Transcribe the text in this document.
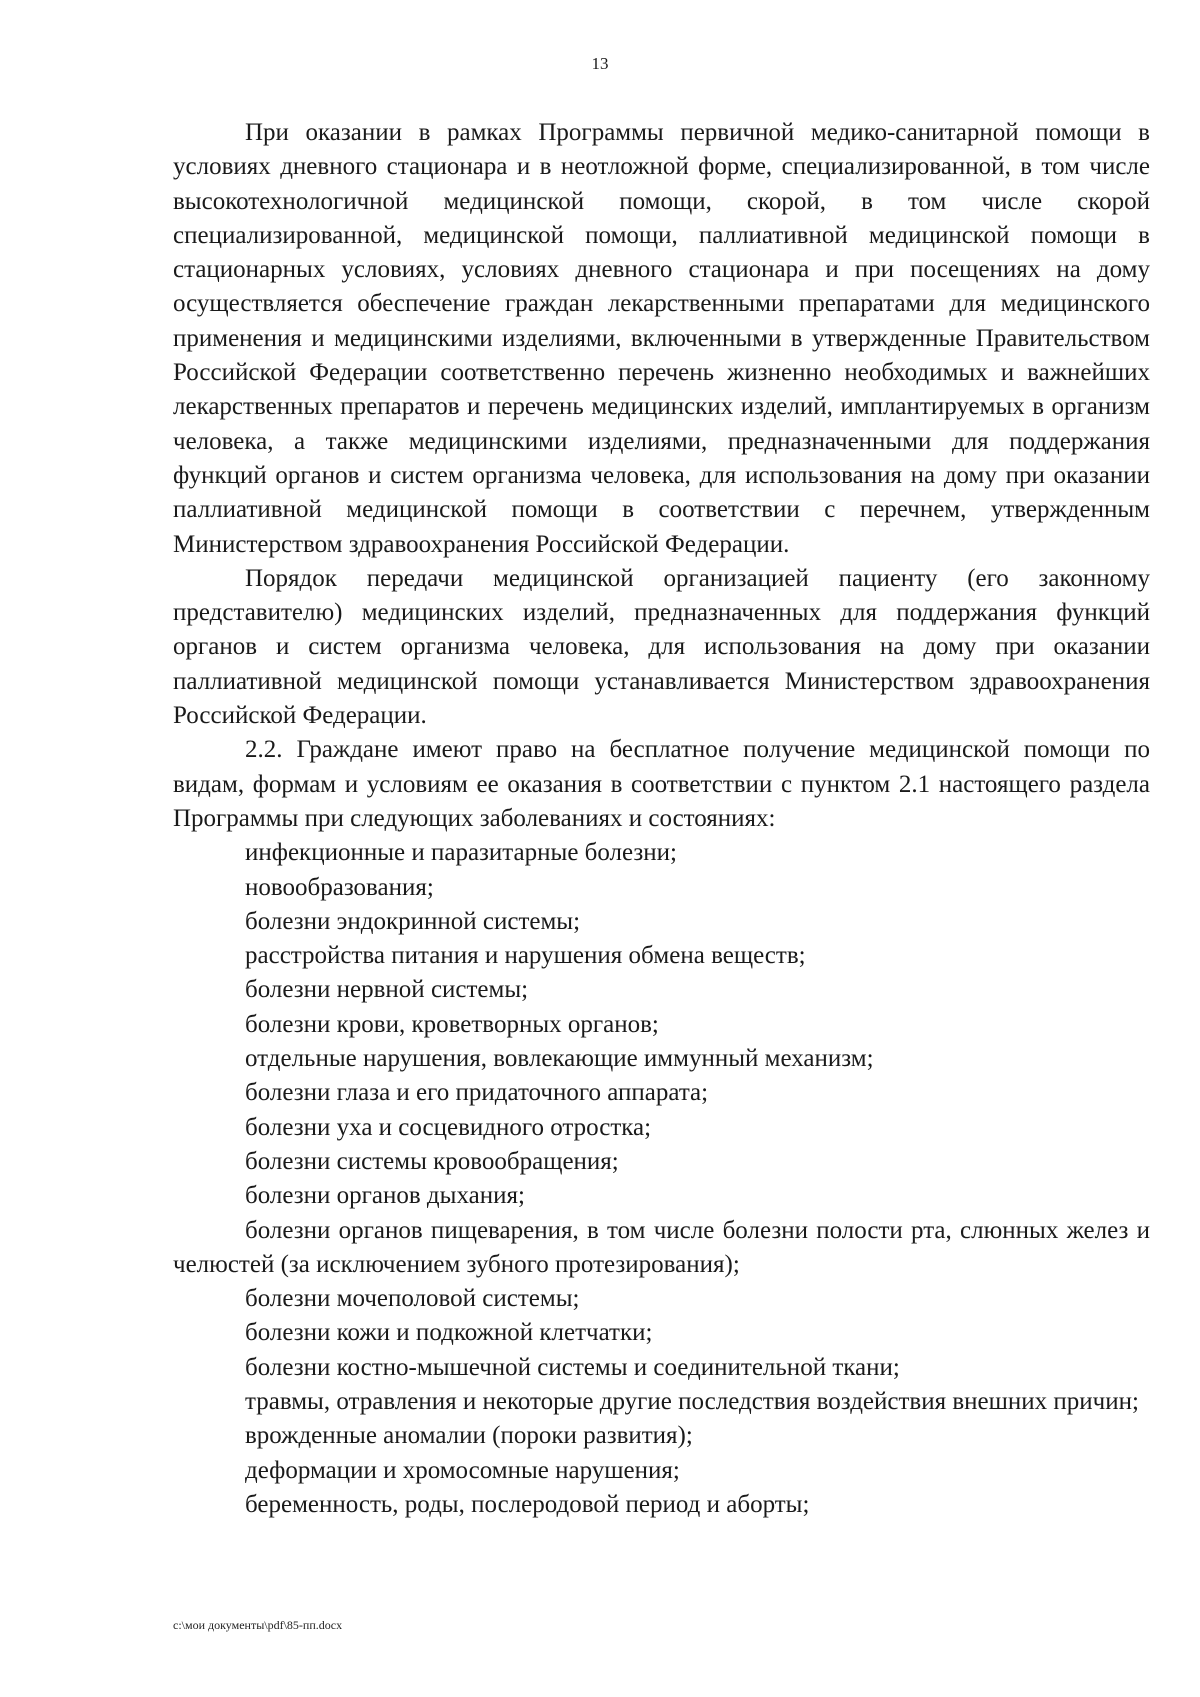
13

При оказании в рамках Программы первичной медико-санитарной помощи в условиях дневного стационара и в неотложной форме, специализированной, в том числе высокотехнологичной медицинской помощи, скорой, в том числе скорой специализированной, медицинской помощи, паллиативной медицинской помощи в стационарных условиях, условиях дневного стационара и при посещениях на дому осуществляется обеспечение граждан лекарственными препаратами для медицинского применения и медицинскими изделиями, включенными в утвержденные Правительством Российской Федерации соответственно перечень жизненно необходимых и важнейших лекарственных препаратов и перечень медицинских изделий, имплантируемых в организм человека, а также медицинскими изделиями, предназначенными для поддержания функций органов и систем организма человека, для использования на дому при оказании паллиативной медицинской помощи в соответствии с перечнем, утвержденным Министерством здравоохранения Российской Федерации.

Порядок передачи медицинской организацией пациенту (его законному представителю) медицинских изделий, предназначенных для поддержания функций органов и систем организма человека, для использования на дому при оказании паллиативной медицинской помощи устанавливается Министерством здравоохранения Российской Федерации.

2.2. Граждане имеют право на бесплатное получение медицинской помощи по видам, формам и условиям ее оказания в соответствии с пунктом 2.1 настоящего раздела Программы при следующих заболеваниях и состояниях:

инфекционные и паразитарные болезни;
новообразования;
болезни эндокринной системы;
расстройства питания и нарушения обмена веществ;
болезни нервной системы;
болезни крови, кроветворных органов;
отдельные нарушения, вовлекающие иммунный механизм;
болезни глаза и его придаточного аппарата;
болезни уха и сосцевидного отростка;
болезни системы кровообращения;
болезни органов дыхания;
болезни органов пищеварения, в том числе болезни полости рта, слюнных желез и челюстей (за исключением зубного протезирования);
болезни мочеполовой системы;
болезни кожи и подкожной клетчатки;
болезни костно-мышечной системы и соединительной ткани;
травмы, отравления и некоторые другие последствия воздействия внешних причин;
врожденные аномалии (пороки развития);
деформации и хромосомные нарушения;
беременность, роды, послеродовой период и аборты;
c:\мои документы\pdf\85-пп.docx
